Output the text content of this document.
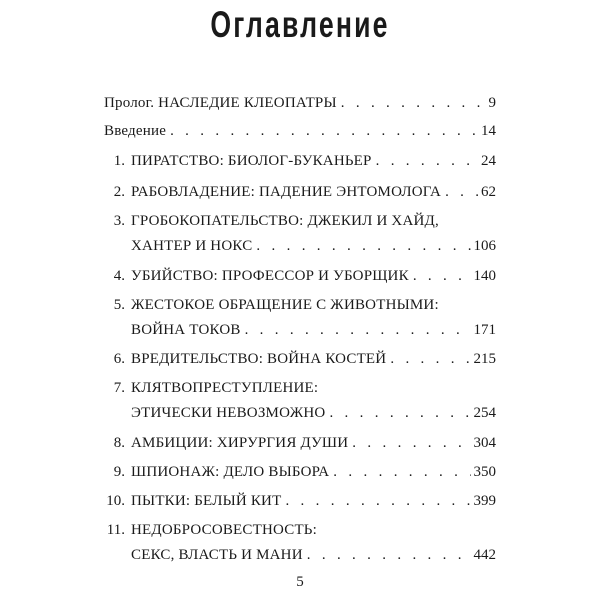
Оглавление
Пролог. НАСЛЕДИЕ КЛЕОПАТРЫ . . .	9
Введение . . .	14
1. ПИРАТСТВО: БИОЛОГ-БУКАНЬЕР . . .	24
2. РАБОВЛАДЕНИЕ: ПАДЕНИЕ ЭНТОМОЛОГА . . .	62
3. ГРОБОКОПАТЕЛЬСТВО: ДЖЕКИЛ И ХАЙД,
ХАНТЕР И НОКС . . .	106
4. УБИЙСТВО: ПРОФЕССОР И УБОРЩИК . . .	140
5. ЖЕСТОКОЕ ОБРАЩЕНИЕ С ЖИВОТНЫМИ:
ВОЙНА ТОКОВ . . .	171
6. ВРЕДИТЕЛЬСТВО: ВОЙНА КОСТЕЙ . . .	215
7. КЛЯТВОПРЕСТУПЛЕНИЕ:
ЭТИЧЕСКИ НЕВОЗМОЖНО . . .	254
8. АМБИЦИИ: ХИРУРГИЯ ДУШИ . . .	304
9. ШПИОНАЖ: ДЕЛО ВЫБОРА . . .	350
10. ПЫТКИ: БЕЛЫЙ КИТ . . .	399
11. НЕДОБРОСОВЕСТНОСТЬ:
СЕКС, ВЛАСТЬ И МАНИ . . .	442
5
